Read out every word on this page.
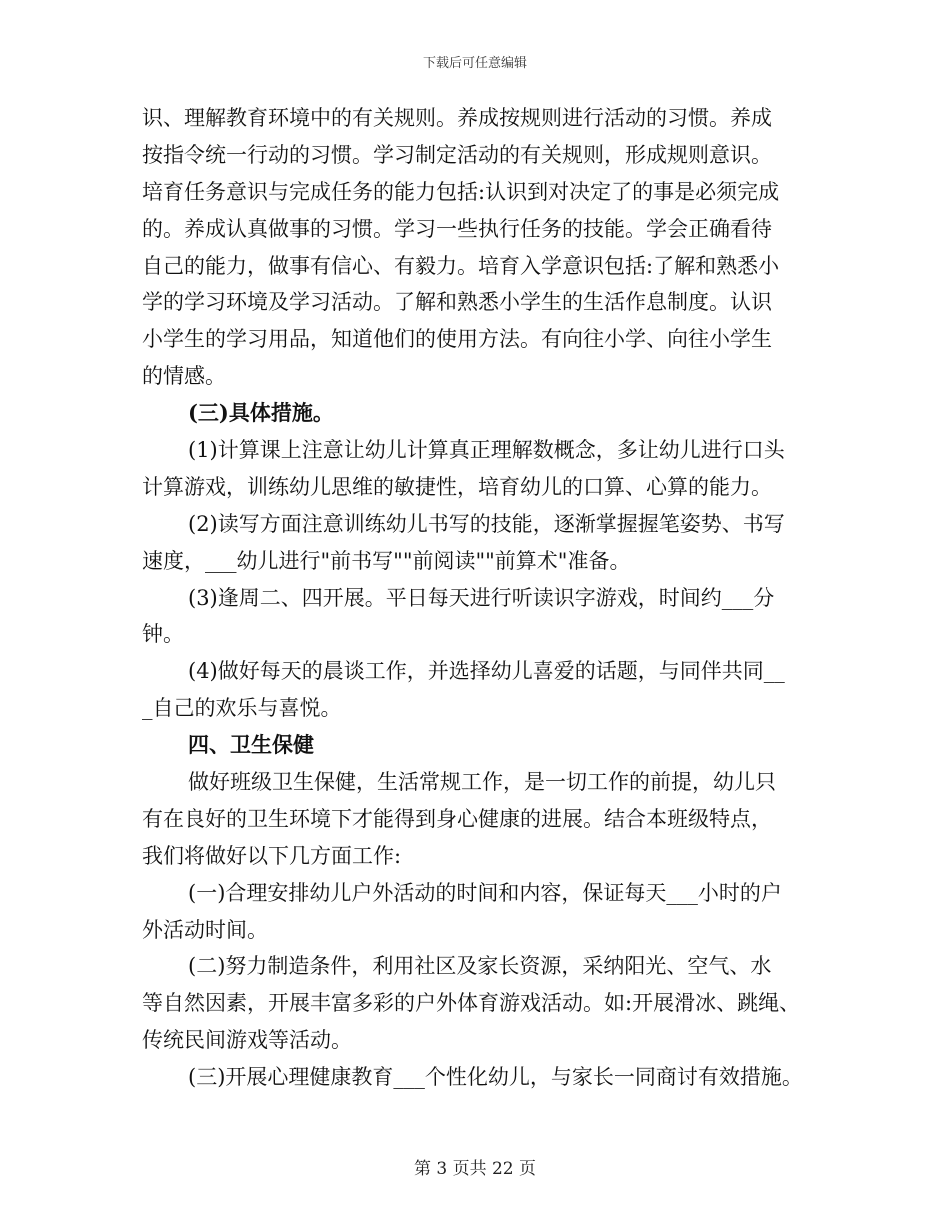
下载后可任意编辑
识、理解教育环境中的有关规则。养成按规则进行活动的习惯。养成
按指令统一行动的习惯。学习制定活动的有关规则，形成规则意识。
培育任务意识与完成任务的能力包括:认识到对决定了的事是必须完成
的。养成认真做事的习惯。学习一些执行任务的技能。学会正确看待
自己的能力，做事有信心、有毅力。培育入学意识包括:了解和熟悉小
学的学习环境及学习活动。了解和熟悉小学生的生活作息制度。认识
小学生的学习用品，知道他们的使用方法。有向往小学、向往小学生
的情感。
(三)具体措施。
(1)计算课上注意让幼儿计算真正理解数概念，多让幼儿进行口头
计算游戏，训练幼儿思维的敏捷性，培育幼儿的口算、心算的能力。
(2)读写方面注意训练幼儿书写的技能，逐渐掌握握笔姿势、书写
速度，___幼儿进行"前书写""前阅读""前算术"准备。
(3)逢周二、四开展。平日每天进行听读识字游戏，时间约___分
钟。
(4)做好每天的晨谈工作，并选择幼儿喜爱的话题，与同伴共同__
_自己的欢乐与喜悦。
四、卫生保健
做好班级卫生保健，生活常规工作，是一切工作的前提，幼儿只
有在良好的卫生环境下才能得到身心健康的进展。结合本班级特点，
我们将做好以下几方面工作:
(一)合理安排幼儿户外活动的时间和内容，保证每天___小时的户
外活动时间。
(二)努力制造条件，利用社区及家长资源，采纳阳光、空气、水
等自然因素，开展丰富多彩的户外体育游戏活动。如:开展滑冰、跳绳、
传统民间游戏等活动。
(三)开展心理健康教育___个性化幼儿，与家长一同商讨有效措施。
第 3 页共 22 页
